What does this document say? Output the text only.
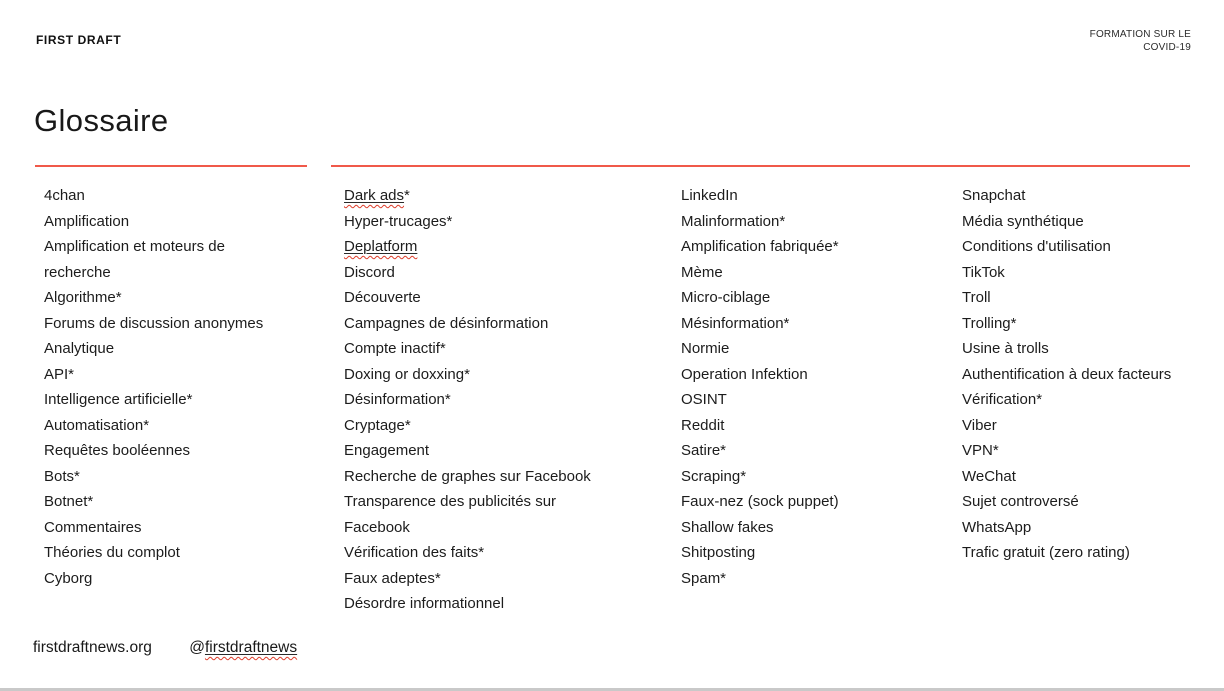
FIRST DRAFT	FORMATION SUR LE
COVID-19
Glossaire
4chan
Amplification
Amplification et moteurs de recherche
Algorithme*
Forums de discussion anonymes
Analytique
API*
Intelligence artificielle*
Automatisation*
Requêtes booléennes
Bots*
Botnet*
Commentaires
Théories du complot
Cyborg
Dark ads*
Hyper-trucages*
Deplatform
Discord
Découverte
Campagnes de désinformation
Compte inactif*
Doxing or doxxing*
Désinformation*
Cryptage*
Engagement
Recherche de graphes sur Facebook
Transparence des publicités sur Facebook
Vérification des faits*
Faux adeptes*
Désordre informationnel
LinkedIn
Malinformation*
Amplification fabriquée*
Mème
Micro-ciblage
Mésinformation*
Normie
Operation Infektion
OSINT
Reddit
Satire*
Scraping*
Faux-nez (sock puppet)
Shallow fakes
Shitposting
Spam*
Snapchat
Média synthétique
Conditions d'utilisation
TikTok
Troll
Trolling*
Usine à trolls
Authentification à deux facteurs
Vérification*
Viber
VPN*
WeChat
Sujet controversé
WhatsApp
Trafic gratuit (zero rating)
firstdraftnews.org @firstdraftnews
